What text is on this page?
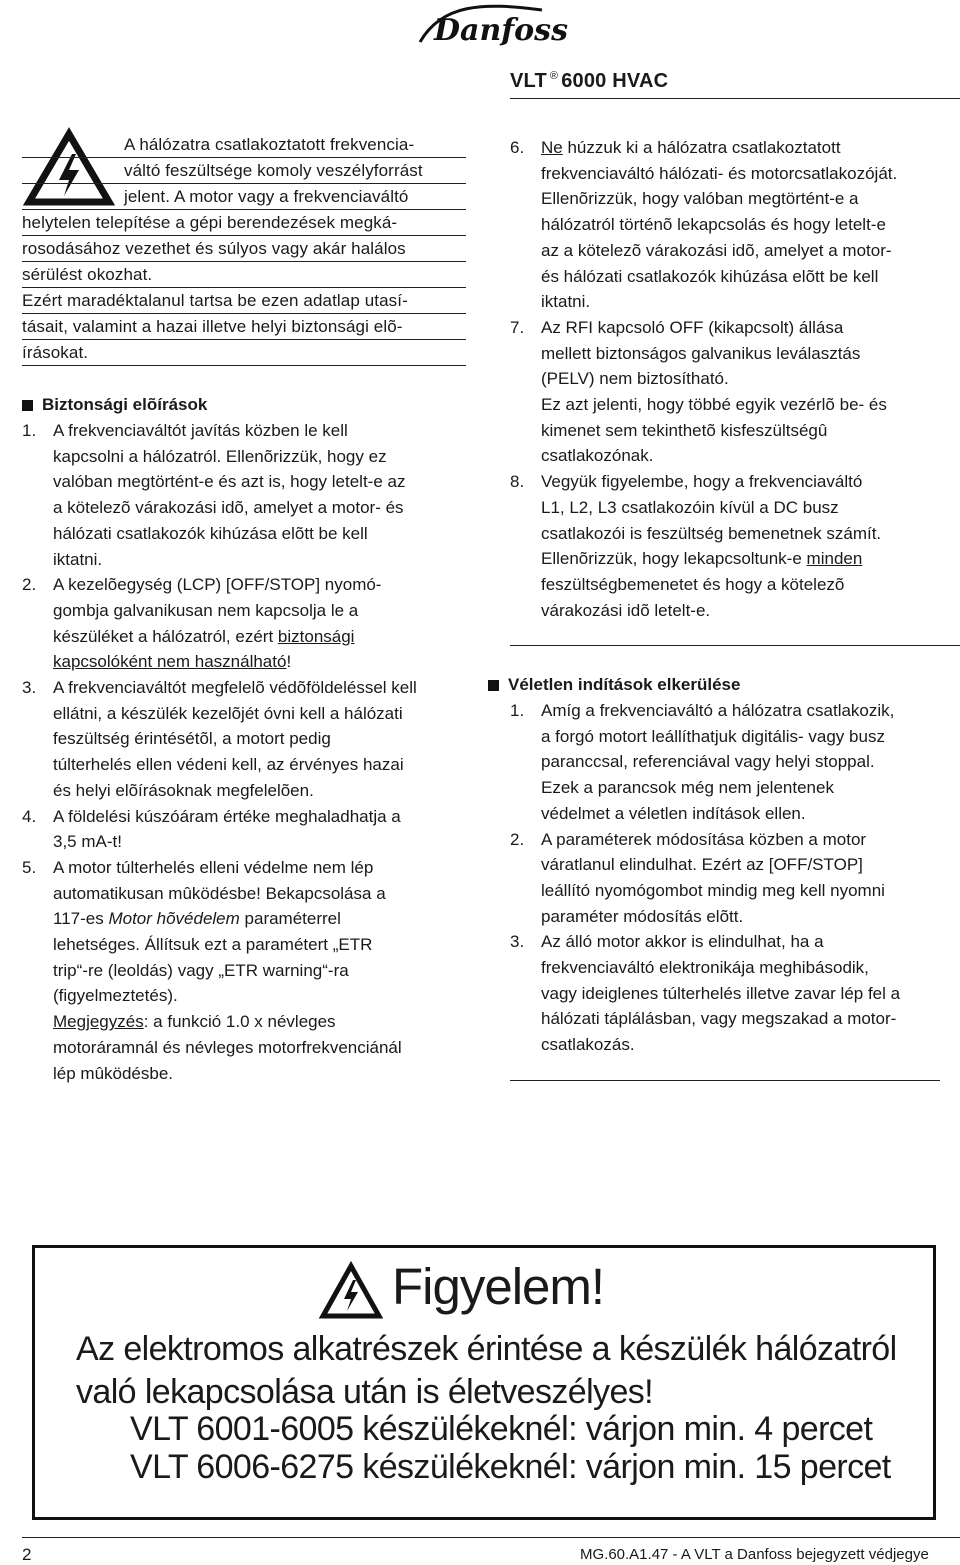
Danfoss
VLT ® 6000 HVAC
A hálózatra csatlakoztatott frekvencia-
váltó feszültsége komoly veszélyforrást
jelent. A motor vagy a frekvenciaváltó
helytelen telepítése a gépi berendezések megká-
rosodásához vezethet és súlyos vagy akár halálos
sérülést okozhat.
Ezért maradéktalanul tartsa be ezen adatlap utasí-
tásait, valamint a hazai illetve helyi biztonsági elõ-
írásokat.
Biztonsági elõírások
1. A frekvenciaváltót javítás közben le kell
kapcsolni a hálózatról. Ellenõrizzük, hogy ez
valóban megtörtént-e és azt is, hogy letelt-e az
a kötelezõ várakozási idõ, amelyet a motor- és
hálózati csatlakozók kihúzása elõtt be kell
iktatni.
2. A kezelõegység (LCP) [OFF/STOP] nyomó-
gombja galvanikusan nem kapcsolja le a
készüléket a hálózatról, ezért biztonsági
kapcsolóként nem használható!
3. A frekvenciaváltót megfelelõ védõföldeléssel kell
ellátni, a készülék kezelõjét óvni kell a hálózati
feszültség érintésétõl, a motort pedig
túlterhelés ellen védeni kell, az érvényes hazai
és helyi elõírásoknak megfelelõen.
4. A földelési kúszóáram értéke meghaladhatja a
3,5 mA-t!
5. A motor túlterhelés elleni védelme nem lép
automatikusan mûködésbe! Bekapcsolása a
117-es Motor hõvédelem paraméterrel
lehetséges. Állítsuk ezt a paramétert „ETR
trip“-re (leoldás) vagy „ETR warning“-ra
(figyelmeztetés).
Megjegyzés: a funkció 1.0 x névleges
motoráramnál és névleges motorfrekvenciánál
lép mûködésbe.
6. Ne húzzuk ki a hálózatra csatlakoztatott
frekvenciaváltó hálózati- és motorcsatlakozóját.
Ellenõrizzük, hogy valóban megtörtént-e a
hálózatról történõ lekapcsolás és hogy letelt-e
az a kötelezõ várakozási idõ, amelyet a motor-
és hálózati csatlakozók kihúzása elõtt be kell
iktatni.
7. Az RFI kapcsoló OFF (kikapcsolt) állása
mellett biztonságos galvanikus leválasztás
(PELV) nem biztosítható.
Ez azt jelenti, hogy többé egyik vezérlõ be- és
kimenet sem tekinthetõ kisfeszültségû
csatlakozónak.
8. Vegyük figyelembe, hogy a frekvenciaváltó
L1, L2, L3 csatlakozóin kívül a DC busz
csatlakozói is feszültség bemenetnek számít.
Ellenõrizzük, hogy lekapcsoltunk-e minden
feszültségbemenetet és hogy a kötelezõ
várakozási idõ letelt-e.
Véletlen indítások elkerülése
1. Amíg a frekvenciaváltó a hálózatra csatlakozik,
a forgó motort leállíthatjuk digitális- vagy busz
paranccsal, referenciával vagy helyi stoppal.
Ezek a parancsok még nem jelentenek
védelmet a véletlen indítások ellen.
2. A paraméterek módosítása közben a motor
váratlanul elindulhat. Ezért az [OFF/STOP]
leállító nyomógombot mindig meg kell nyomni
paraméter módosítás elõtt.
3. Az álló motor akkor is elindulhat, ha a
frekvenciaváltó elektronikája meghibásodik,
vagy ideiglenes túlterhelés illetve zavar lép fel a
hálózati táplálásban, vagy megszakad a motor-
csatlakozás.
Figyelem!
Az elektromos alkatrészek érintése a készülék hálózatról
való lekapcsolása után is életveszélyes!
VLT 6001-6005 készülékeknél: várjon min. 4 percet
VLT 6006-6275 készülékeknél: várjon min. 15 percet
2	MG.60.A1.47 - A VLT a Danfoss bejegyzett védjegye
